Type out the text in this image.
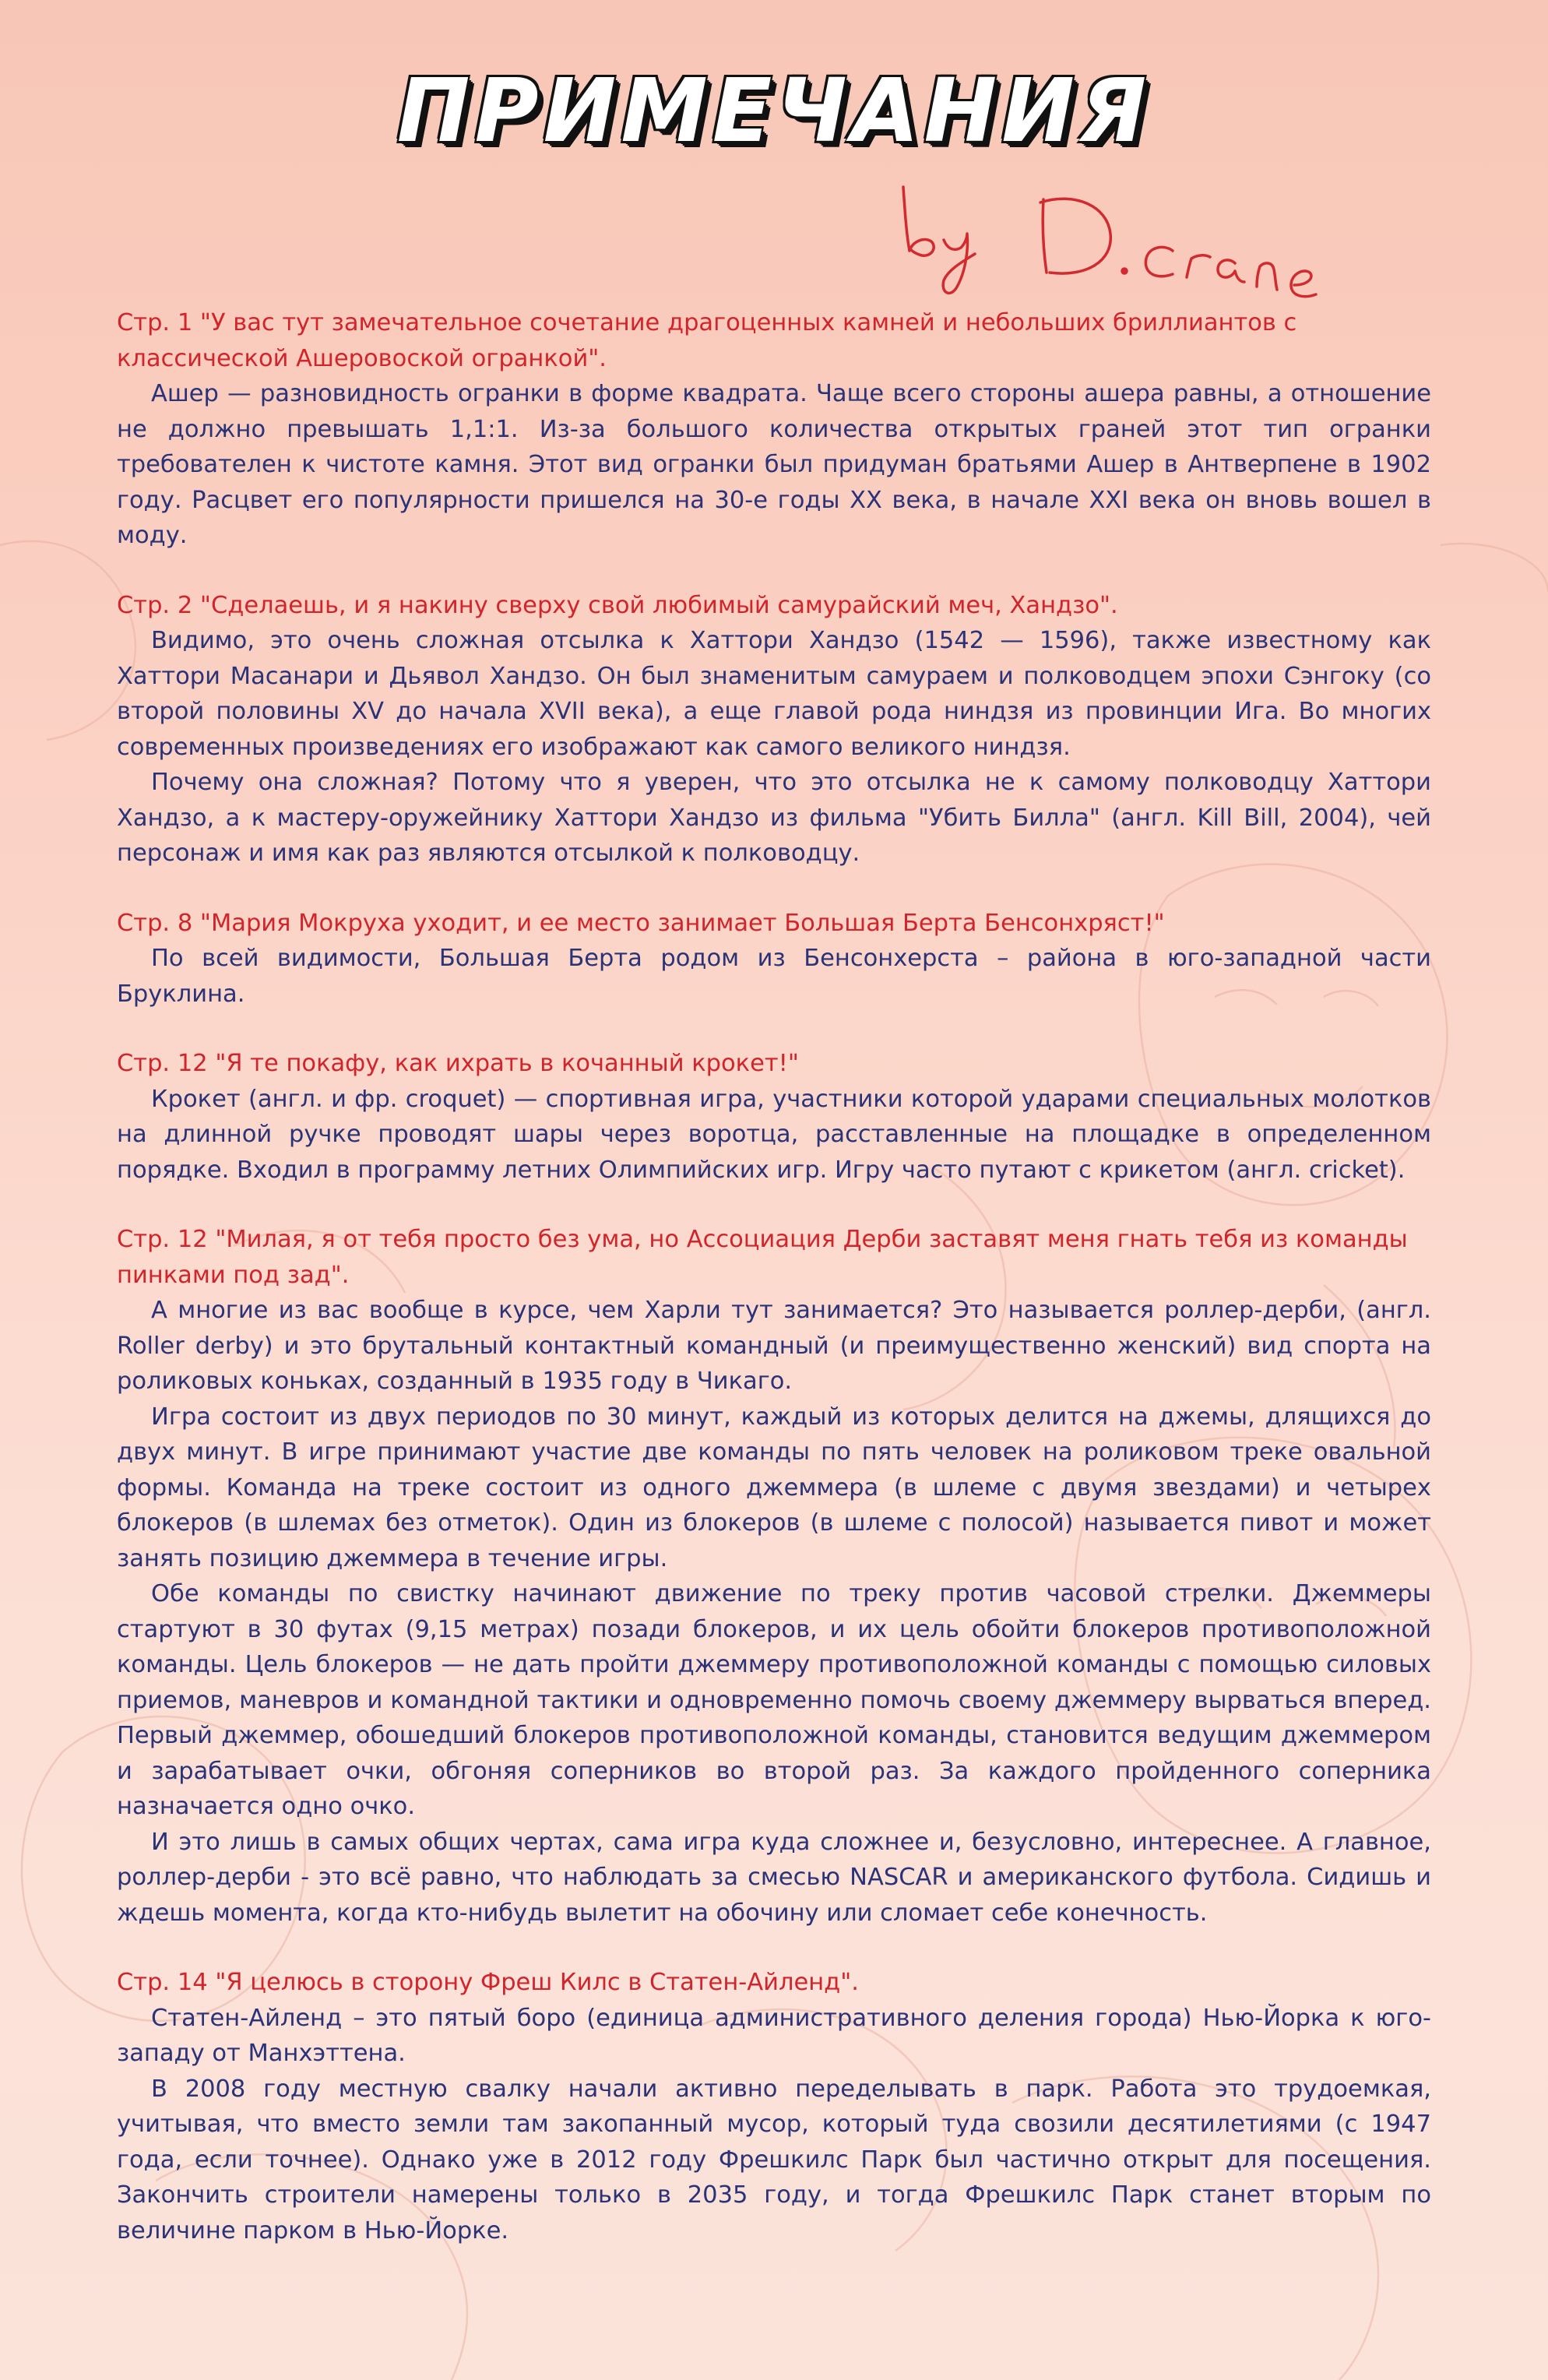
ПРИМЕЧАНИЯ

Стр. 1 "У вас тут замечательное сочетание драгоценных камней и небольших бриллиантов с классической Ашеровоской огранкой".

Ашер — разновидность огранки в форме квадрата. Чаще всего стороны ашера равны, а отношение не должно превышать 1,1:1. Из-за большого количества открытых граней этот тип огранки требователен к чистоте камня. Этот вид огранки был придуман братьями Ашер в Антверпене в 1902 году. Расцвет его популярности пришелся на 30-е годы XX века, в начале XXI века он вновь вошел в моду.

Стр. 2 "Сделаешь, и я накину сверху свой любимый самурайский меч, Хандзо".

Видимо, это очень сложная отсылка к Хаттори Хандзо (1542 — 1596), также известному как Хаттори Масанари и Дьявол Хандзо. Он был знаменитым самураем и полководцем эпохи Сэнгоку (со второй половины XV до начала XVII века), а еще главой рода ниндзя из провинции Ига. Во многих современных произведениях его изображают как самого великого ниндзя.

Почему она сложная? Потому что я уверен, что это отсылка не к самому полководцу Хаттори Хандзо, а к мастеру-оружейнику Хаттори Хандзо из фильма "Убить Билла" (англ. Kill Bill, 2004), чей персонаж и имя как раз являются отсылкой к полководцу.

Стр. 8 "Мария Мокруха уходит, и ее место занимает Большая Берта Бенсонхряст!"

По всей видимости, Большая Берта родом из Бенсонхерста – района в юго-западной части Бруклина.

Стр. 12 "Я те покафу, как ихрать в кочанный крокет!"

Крокет (англ. и фр. croquet) — спортивная игра, участники которой ударами специальных молотков на длинной ручке проводят шары через воротца, расставленные на площадке в определенном порядке. Входил в программу летних Олимпийских игр. Игру часто путают с крикетом (англ. cricket).

Стр. 12 "Милая, я от тебя просто без ума, но Ассоциация Дерби заставят меня гнать тебя из команды пинками под зад".

А многие из вас вообще в курсе, чем Харли тут занимается? Это называется роллер-дерби, (англ. Roller derby) и это брутальный контактный командный (и преимущественно женский) вид спорта на роликовых коньках, созданный в 1935 году в Чикаго.

Игра состоит из двух периодов по 30 минут, каждый из которых делится на джемы, длящихся до двух минут. В игре принимают участие две команды по пять человек на роликовом треке овальной формы. Команда на треке состоит из одного джеммера (в шлеме с двумя звездами) и четырех блокеров (в шлемах без отметок). Один из блокеров (в шлеме с полосой) называется пивот и может занять позицию джеммера в течение игры.

Обе команды по свистку начинают движение по треку против часовой стрелки. Джеммеры стартуют в 30 футах (9,15 метрах) позади блокеров, и их цель обойти блокеров противоположной команды. Цель блокеров — не дать пройти джеммеру противоположной команды с помощью силовых приемов, маневров и командной тактики и одновременно помочь своему джеммеру вырваться вперед. Первый джеммер, обошедший блокеров противоположной команды, становится ведущим джеммером и зарабатывает очки, обгоняя соперников во второй раз. За каждого пройденного соперника назначается одно очко.

И это лишь в самых общих чертах, сама игра куда сложнее и, безусловно, интереснее. А главное, роллер-дерби - это всё равно, что наблюдать за смесью NASCAR и американского футбола. Сидишь и ждешь момента, когда кто-нибудь вылетит на обочину или сломает себе конечность.

Стр. 14 "Я целюсь в сторону Фреш Килс в Статен-Айленд".

Статен-Айленд – это пятый боро (единица административного деления города) Нью-Йорка к юго-западу от Манхэттена.

В 2008 году местную свалку начали активно переделывать в парк. Работа это трудоемкая, учитывая, что вместо земли там закопанный мусор, который туда свозили десятилетиями (с 1947 года, если точнее). Однако уже в 2012 году Фрешкилс Парк был частично открыт для посещения. Закончить строители намерены только в 2035 году, и тогда Фрешкилс Парк станет вторым по величине парком в Нью-Йорке.
